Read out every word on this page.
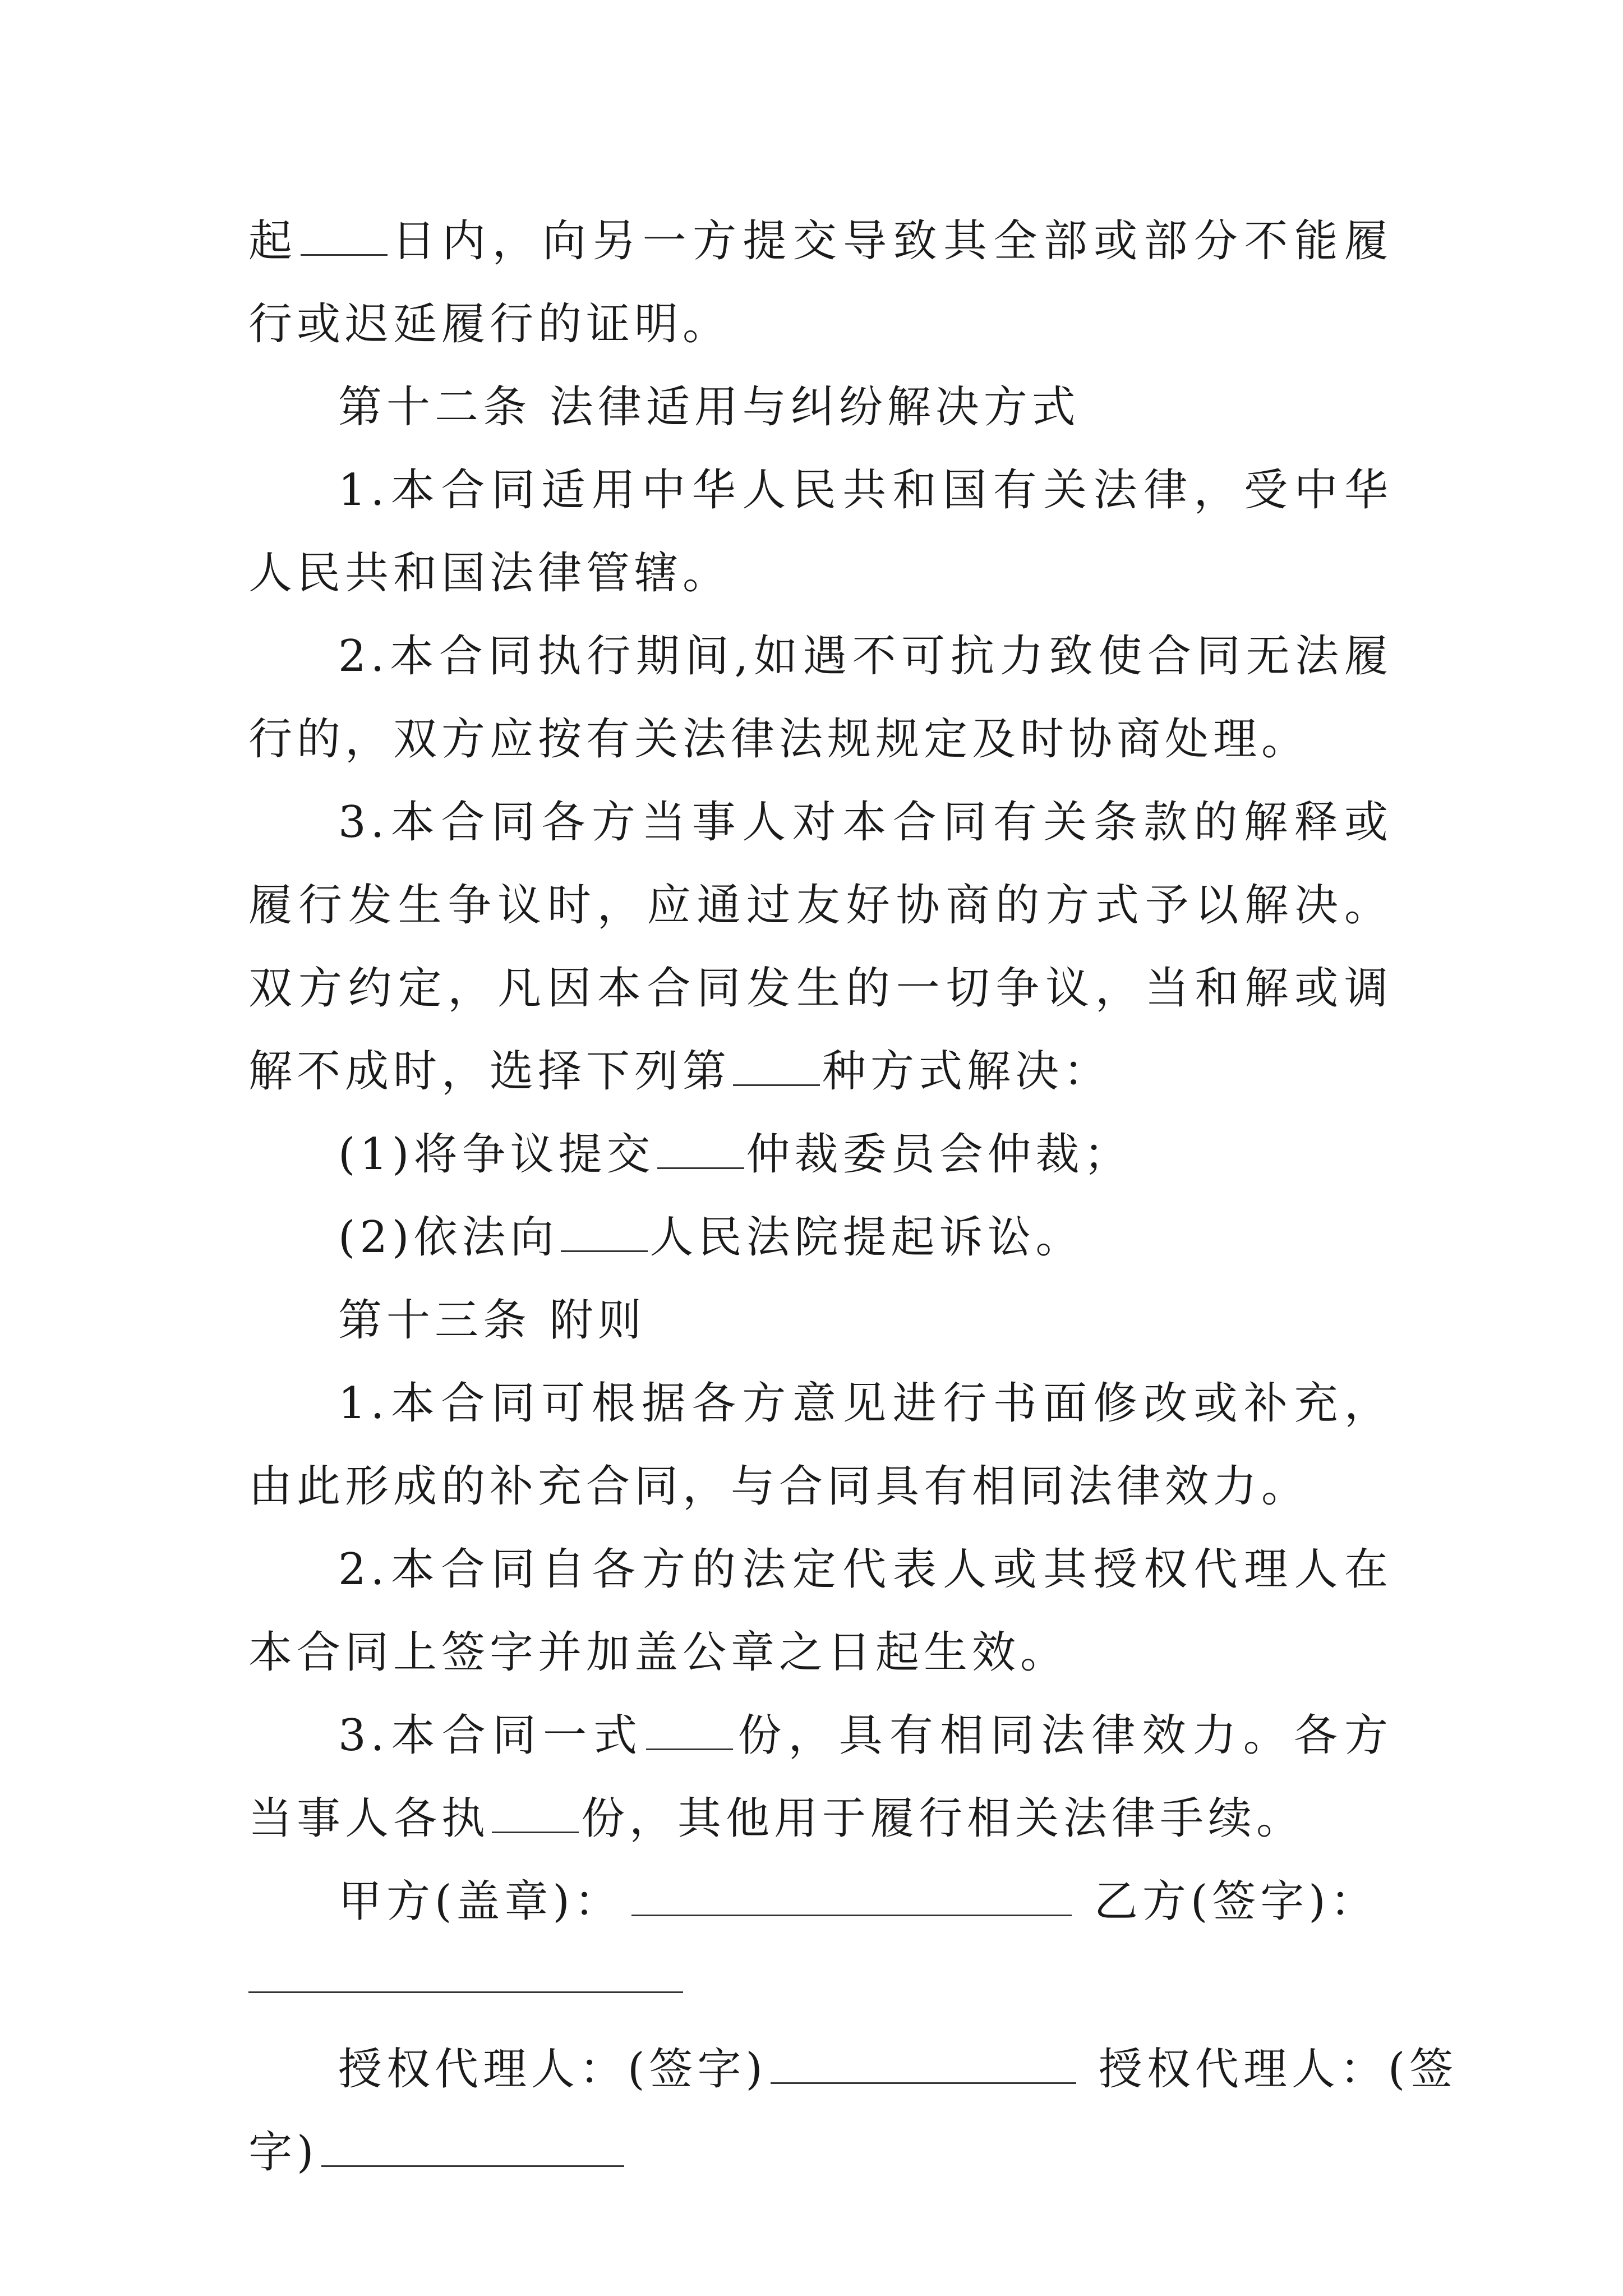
起 日内，向另一方提交导致其全部或部分不能履行或迟延履行的证明。

第十二条 法律适用与纠纷解决方式

1.本合同适用中华人民共和国有关法律，受中华人民共和国法律管辖。

2.本合同执行期间,如遇不可抗力致使合同无法履行的，双方应按有关法律法规规定及时协商处理。

3.本合同各方当事人对本合同有关条款的解释或履行发生争议时，应通过友好协商的方式予以解决。双方约定，凡因本合同发生的一切争议，当和解或调解不成时，选择下列第 种方式解决：

(1)将争议提交 仲裁委员会仲裁；

(2)依法向 人民法院提起诉讼。

第十三条 附则

1.本合同可根据各方意见进行书面修改或补充，由此形成的补充合同，与合同具有相同法律效力。

2.本合同自各方的法定代表人或其授权代理人在本合同上签字并加盖公章之日起生效。

3.本合同一式 份，具有相同法律效力。各方当事人各执 份，其他用于履行相关法律手续。

甲方(盖章)：	乙方(签字)：

授权代理人：(签字)	授权代理人：(签

字)
